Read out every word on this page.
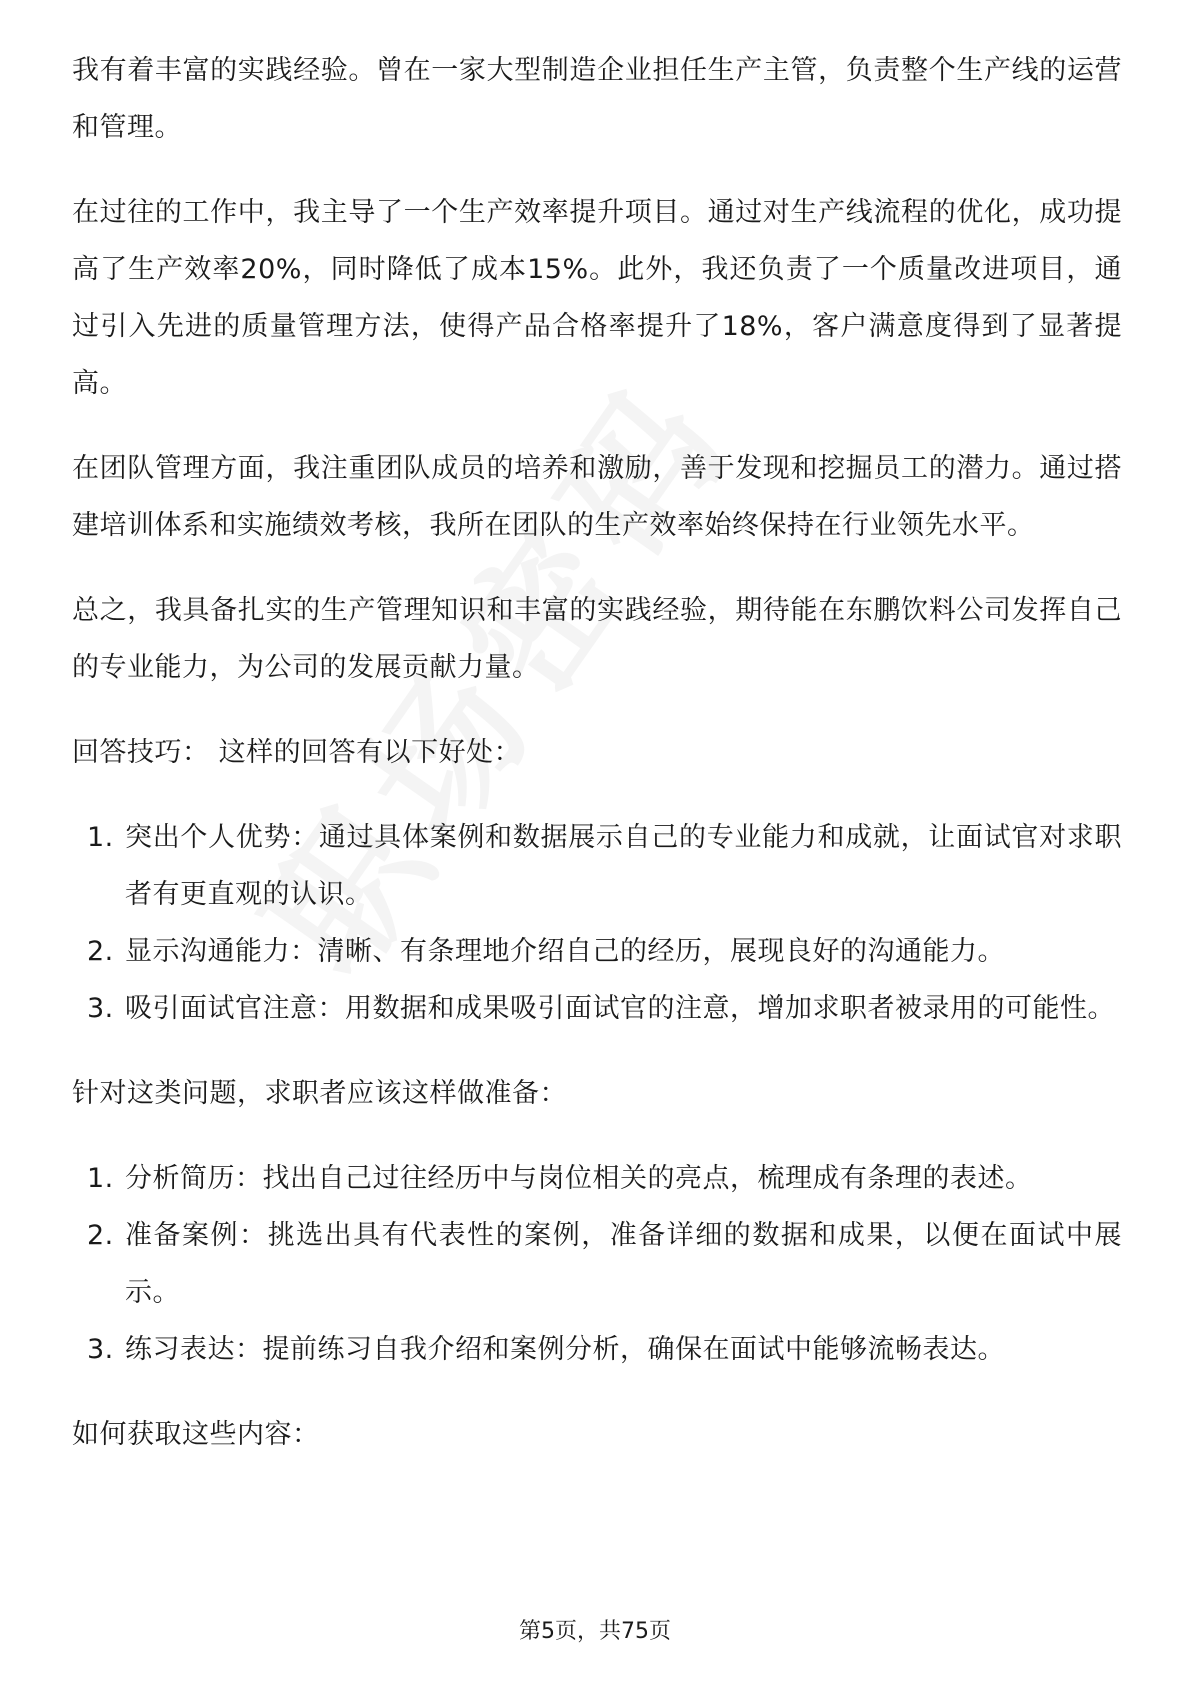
我有着丰富的实践经验。曾在一家大型制造企业担任生产主管，负责整个生产线的运营和管理。

在过往的工作中，我主导了一个生产效率提升项目。通过对生产线流程的优化，成功提高了生产效率20%，同时降低了成本15%。此外，我还负责了一个质量改进项目，通过引入先进的质量管理方法，使得产品合格率提升了18%，客户满意度得到了显著提高。

在团队管理方面，我注重团队成员的培养和激励，善于发现和挖掘员工的潜力。通过搭建培训体系和实施绩效考核，我所在团队的生产效率始终保持在行业领先水平。

总之，我具备扎实的生产管理知识和丰富的实践经验，期待能在东鹏饮料公司发挥自己的专业能力，为公司的发展贡献力量。

回答技巧： 这样的回答有以下好处：

1. 突出个人优势：通过具体案例和数据展示自己的专业能力和成就，让面试官对求职者有更直观的认识。
2. 显示沟通能力：清晰、有条理地介绍自己的经历，展现良好的沟通能力。
3. 吸引面试官注意：用数据和成果吸引面试官的注意，增加求职者被录用的可能性。

针对这类问题，求职者应该这样做准备：

1. 分析简历：找出自己过往经历中与岗位相关的亮点，梳理成有条理的表述。
2. 准备案例：挑选出具有代表性的案例，准备详细的数据和成果，以便在面试中展示。
3. 练习表达：提前练习自我介绍和案例分析，确保在面试中能够流畅表达。

如何获取这些内容：

第5页，共75页
